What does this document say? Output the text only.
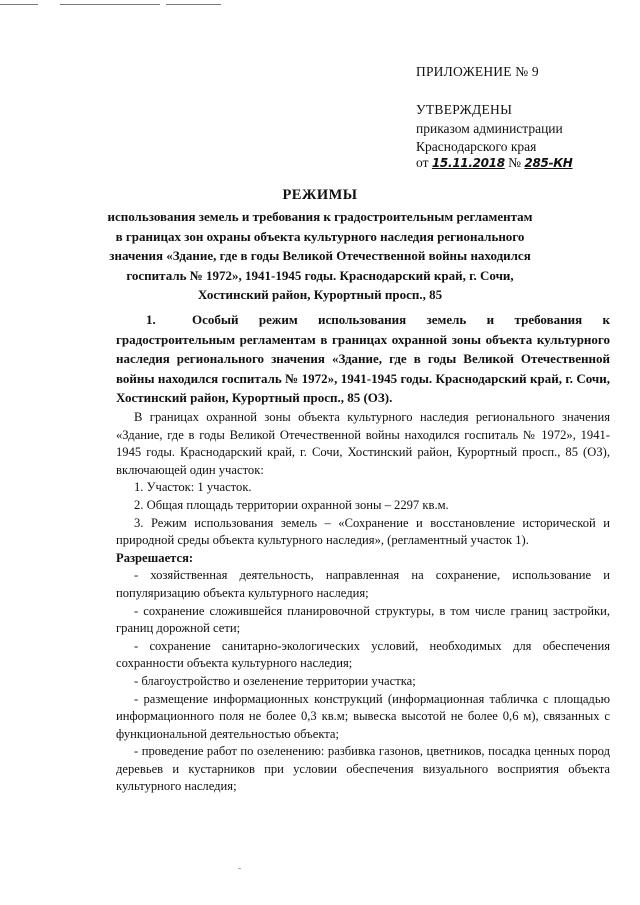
ПРИЛОЖЕНИЕ № 9
УТВЕРЖДЕНЫ
приказом администрации
Краснодарского края
от 15.11.2018 № 285-КН
РЕЖИМЫ
использования земель и требования к градостроительным регламентам в границах зон охраны объекта культурного наследия регионального значения «Здание, где в годы Великой Отечественной войны находился госпиталь № 1972», 1941-1945 годы. Краснодарский край, г. Сочи, Хостинский район, Курортный просп., 85
1.	Особый режим использования земель и требования к градостроительным регламентам в границах охранной зоны объекта культурного наследия регионального значения «Здание, где в годы Великой Отечественной войны находился госпиталь № 1972», 1941-1945 годы. Краснодарский край, г. Сочи, Хостинский район, Курортный просп., 85 (ОЗ).

В границах охранной зоны объекта культурного наследия регионального значения «Здание, где в годы Великой Отечественной войны находился госпиталь № 1972», 1941-1945 годы. Краснодарский край, г. Сочи, Хостинский район, Курортный просп., 85 (ОЗ), включающей один участок:

1. Участок: 1 участок.

2. Общая площадь территории охранной зоны – 2297 кв.м.

3. Режим использования земель – «Сохранение и восстановление исторической и природной среды объекта культурного наследия», (регламентный участок 1).

Разрешается:

- хозяйственная деятельность, направленная на сохранение, использование и популяризацию объекта культурного наследия;

- сохранение сложившейся планировочной структуры, в том числе границ застройки, границ дорожной сети;

- сохранение санитарно-экологических условий, необходимых для обеспечения сохранности объекта культурного наследия;

- благоустройство и озеленение территории участка;

- размещение информационных конструкций (информационная табличка с площадью информационного поля не более 0,3 кв.м; вывеска высотой не более 0,6 м), связанных с функциональной деятельностью объекта;

- проведение работ по озеленению: разбивка газонов, цветников, посадка ценных пород деревьев и кустарников при условии обеспечения визуального восприятия объекта культурного наследия;
